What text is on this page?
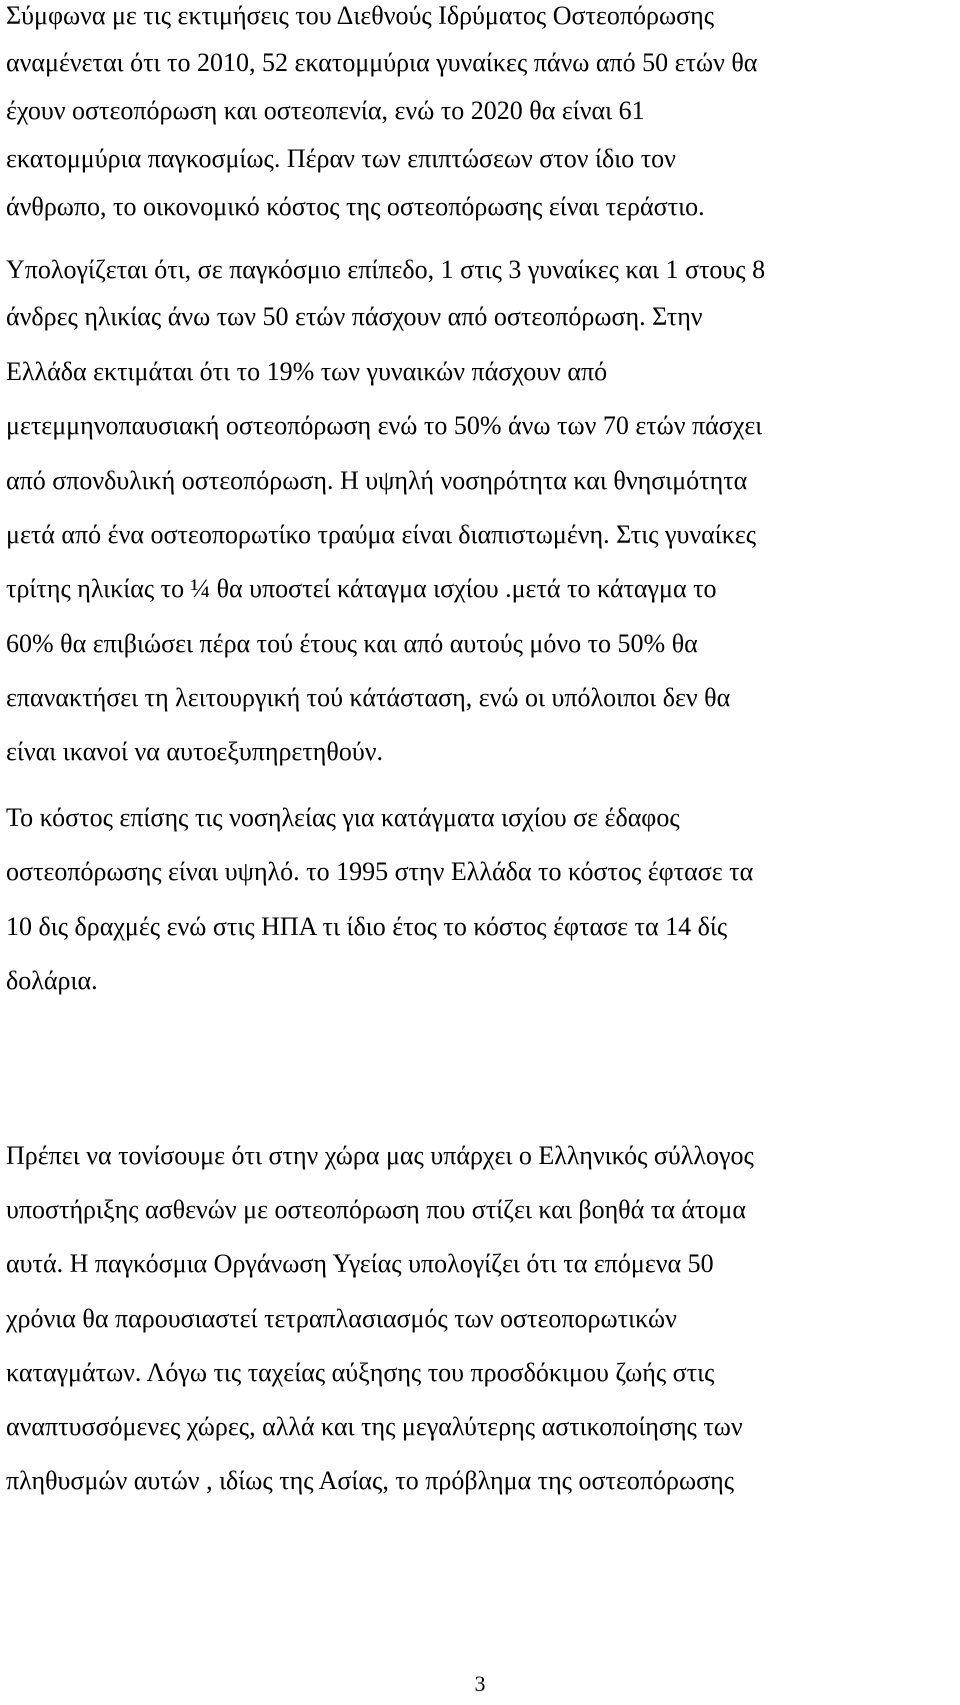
Σύμφωνα με τις εκτιμήσεις του Διεθνούς Ιδρύματος Οστεοπόρωσης
αναμένεται ότι το 2010, 52 εκατομμύρια γυναίκες πάνω από 50 ετών θα
έχουν οστεοπόρωση και οστεοπενία, ενώ το 2020 θα είναι 61
εκατομμύρια παγκοσμίως. Πέραν των επιπτώσεων στον ίδιο τον
άνθρωπο, το οικονομικό κόστος της οστεοπόρωσης είναι τεράστιο.
Υπολογίζεται ότι, σε παγκόσμιο επίπεδο, 1 στις 3 γυναίκες και 1 στους 8
άνδρες ηλικίας άνω των 50 ετών πάσχουν από οστεοπόρωση. Στην
Ελλάδα εκτιμάται ότι το 19% των γυναικών πάσχουν από
μετεμμηνοπαυσιακή οστεοπόρωση ενώ το 50% άνω των 70 ετών πάσχει
από σπονδυλική οστεοπόρωση. Η υψηλή νοσηρότητα και θνησιμότητα
μετά από ένα οστεοπορωτίκο τραύμα είναι διαπιστωμένη. Στις γυναίκες
τρίτης ηλικίας το ¼ θα υποστεί κάταγμα ισχίου .μετά το κάταγμα το
60% θα επιβιώσει πέρα τού έτους και από αυτούς μόνο το 50% θα
επανακτήσει τη λειτουργική τού κάτάσταση, ενώ οι υπόλοιποι δεν θα
είναι ικανοί να αυτοεξυπηρετηθούν.
Το κόστος επίσης τις νοσηλείας για κατάγματα ισχίου σε έδαφος
οστεοπόρωσης είναι υψηλό. το 1995 στην Ελλάδα το κόστος έφτασε τα
10 δις δραχμές ενώ στις ΗΠΑ τι ίδιο έτος το κόστος έφτασε τα 14 δίς
δολάρια.
Πρέπει να τονίσουμε ότι στην χώρα μας υπάρχει ο Ελληνικός σύλλογος
υποστήριξης ασθενών με οστεοπόρωση που στίζει και βοηθά τα άτομα
αυτά. Η παγκόσμια Οργάνωση Υγείας υπολογίζει ότι τα επόμενα 50
χρόνια θα παρουσιαστεί τετραπλασιασμός των οστεοπορωτικών
καταγμάτων. Λόγω τις ταχείας αύξησης του προσδόκιμου ζωής στις
αναπτυσσόμενες χώρες, αλλά και της μεγαλύτερης αστικοποίησης των
πληθυσμών αυτών , ιδίως της Ασίας, το πρόβλημα της οστεοπόρωσης
3
